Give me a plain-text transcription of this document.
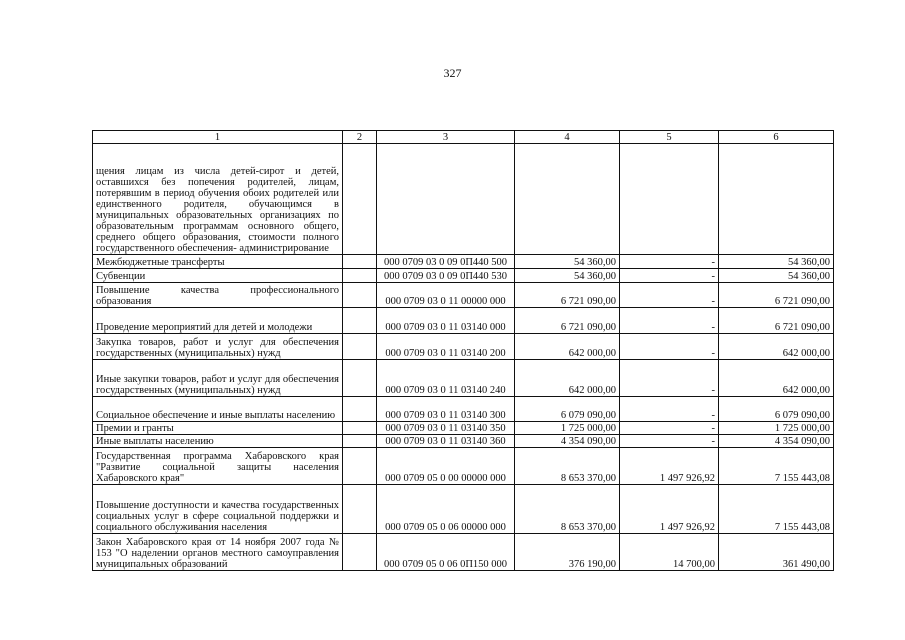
327
1	2	3	4	5	6
щения лицам из числа детей-сирот и детей, оставшихся без попечения родителей, лицам, потерявшим в период обучения обоих родителей или единственного родителя, обучающимся в муниципальных образовательных организациях по образовательным программам основного общего, среднего общего образования, стоимости полного государственного обеспечения- администрирование					
Межбюджетные трансферты		000 0709 03 0 09 0П440 500	54 360,00	-	54 360,00
Субвенции		000 0709 03 0 09 0П440 530	54 360,00	-	54 360,00
Повышение качества профессионального образования		000 0709 03 0 11 00000 000	6 721 090,00	-	6 721 090,00
Проведение мероприятий для детей и молодежи		000 0709 03 0 11 03140 000	6 721 090,00	-	6 721 090,00
Закупка товаров, работ и услуг для обеспечения государственных (муниципальных) нужд		000 0709 03 0 11 03140 200	642 000,00	-	642 000,00
Иные закупки товаров, работ и услуг для обеспечения государственных (муниципальных) нужд		000 0709 03 0 11 03140 240	642 000,00	-	642 000,00
Социальное обеспечение и иные выплаты населению		000 0709 03 0 11 03140 300	6 079 090,00	-	6 079 090,00
Премии и гранты		000 0709 03 0 11 03140 350	1 725 000,00	-	1 725 000,00
Иные выплаты населению		000 0709 03 0 11 03140 360	4 354 090,00	-	4 354 090,00
Государственная программа Хабаровского края "Развитие социальной защиты населения Хабаровского края"		000 0709 05 0 00 00000 000	8 653 370,00	1 497 926,92	7 155 443,08
Повышение доступности и качества государственных социальных услуг в сфере социальной поддержки и социального обслуживания населения		000 0709 05 0 06 00000 000	8 653 370,00	1 497 926,92	7 155 443,08
Закон Хабаровского края от 14 ноября 2007 года № 153 "О наделении органов местного самоуправления муниципальных образований		000 0709 05 0 06 0П150 000	376 190,00	14 700,00	361 490,00
